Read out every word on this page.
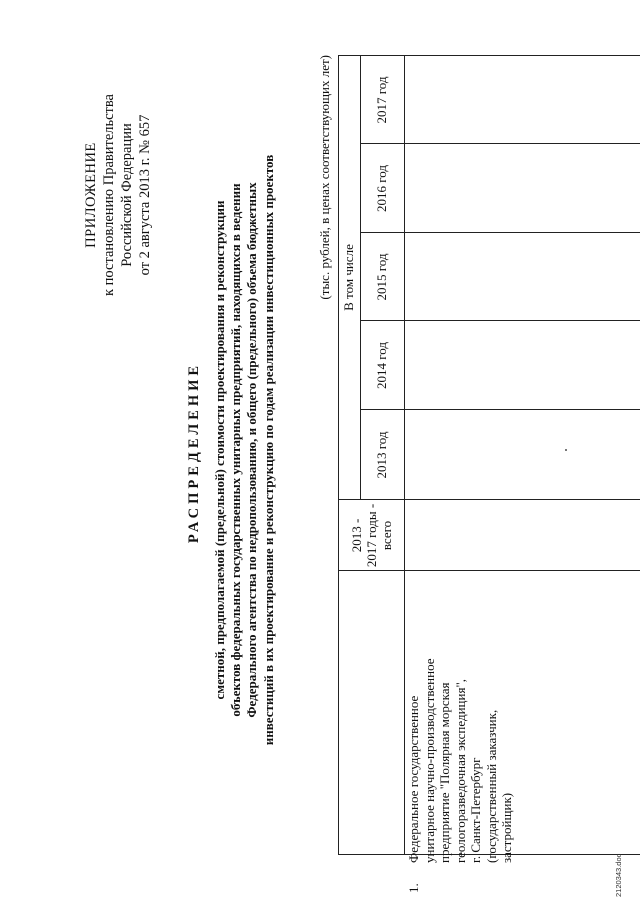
ПРИЛОЖЕНИЕ к постановлению Правительства Российской Федерации от 2 августа 2013 г. № 657
РАСПРЕДЕЛЕНИЕ сметной, предполагаемой (предельной) стоимости проектирования и реконструкции объектов федеральных государственных унитарных предприятий, находящихся в ведении Федерального агентства по недропользованию, и общего (предельного) объема бюджетных инвестиций в их проектирование и реконструкцию по годам реализации инвестиционных проектов	(тыс. рублей, в ценах соответствующих лет)
2013 - 2017 годы - всего
В том числе
2013 год
2014 год
2015 год
2016 год
2017 год
1.
Федеральное государственное унитарное научно-производственное предприятие "Полярная морская геологоразведочная экспедиция", г. Санкт-Петербург (государственный заказчик, застройщик)
2120343.doc
